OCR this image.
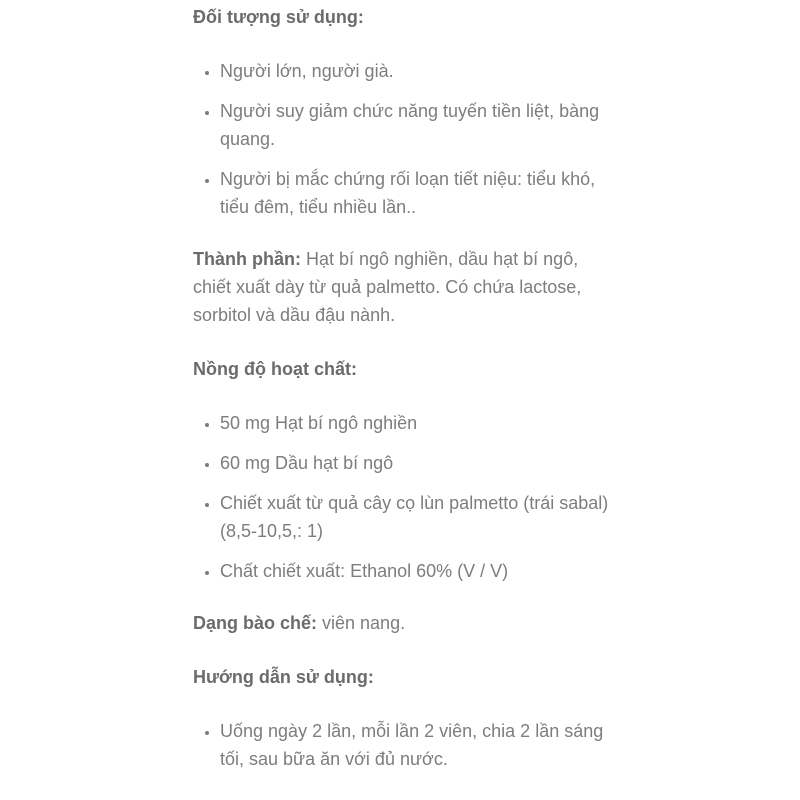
Đối tượng sử dụng:

• Người lớn, người già.
• Người suy giảm chức năng tuyến tiền liệt, bàng quang.
• Người bị mắc chứng rối loạn tiết niệu: tiểu khó, tiểu đêm, tiểu nhiều lần..

Thành phần: Hạt bí ngô nghiền, dầu hạt bí ngô, chiết xuất dày từ quả palmetto. Có chứa lactose, sorbitol và dầu đậu nành.

Nồng độ hoạt chất:

• 50 mg Hạt bí ngô nghiền
• 60 mg Dầu hạt bí ngô
• Chiết xuất từ quả cây cọ lùn palmetto (trái sabal) (8,5-10,5,: 1)
• Chất chiết xuất: Ethanol 60% (V / V)

Dạng bào chế: viên nang.

Hướng dẫn sử dụng:

• Uống ngày 2 lần, mỗi lần 2 viên, chia 2 lần sáng tối, sau bữa ăn với đủ nước.
